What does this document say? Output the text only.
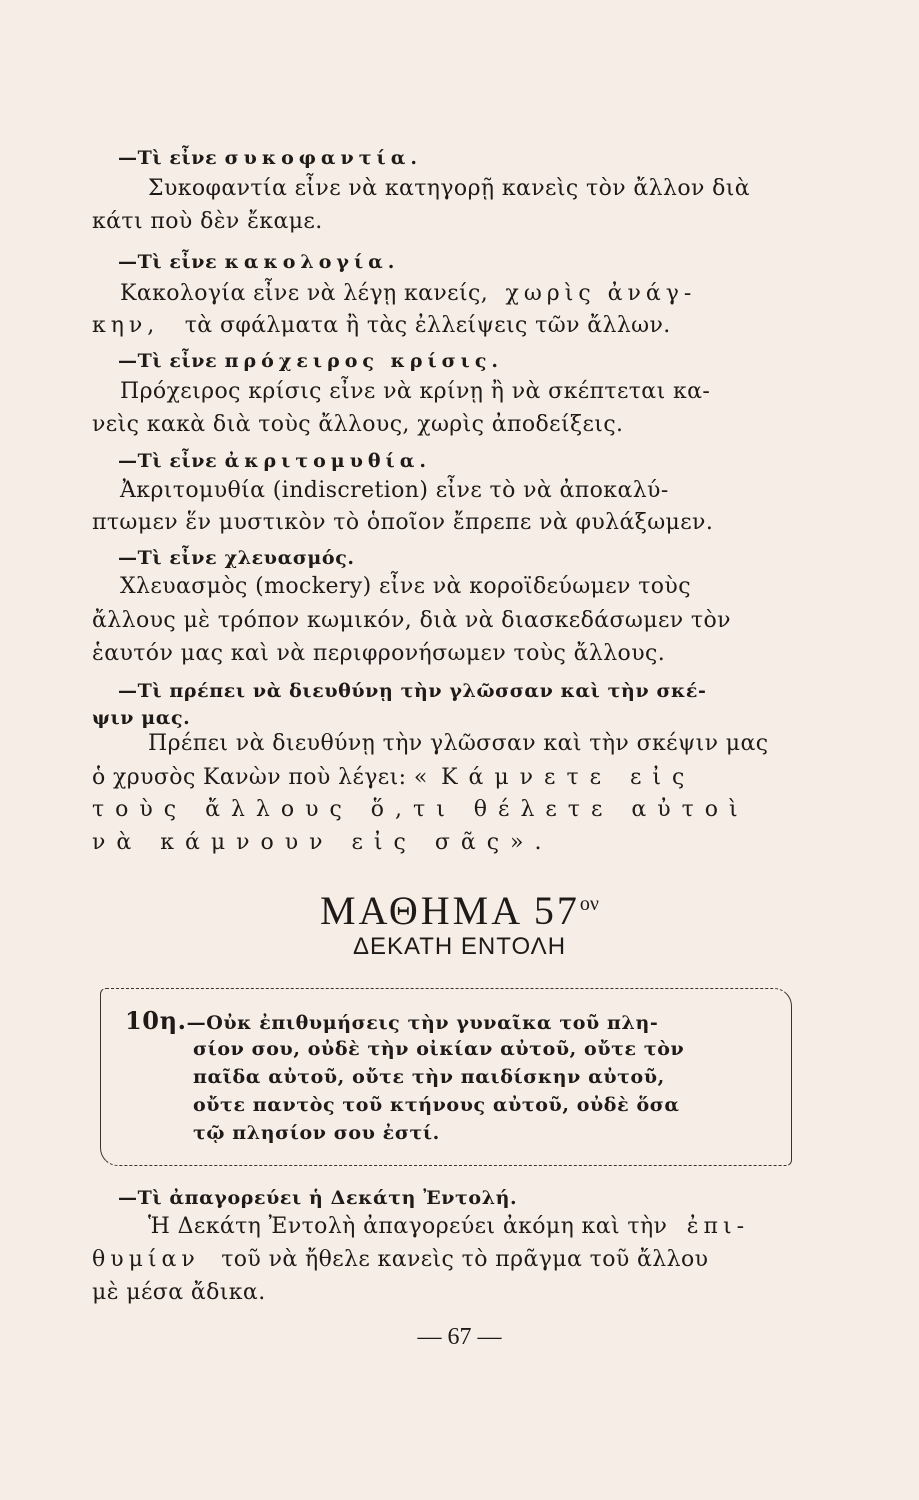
—Τὶ εἶνε συκοφαντία.
Συκοφαντία εἶνε νὰ κατηγορῇ κανεὶς τὸν ἄλλον διὰ
κάτι ποὺ δὲν ἔκαμε.
—Τὶ εἶνε κακολογία.
Κακολογία εἶνε νὰ λέγῃ κανείς, χωρὶς ἀνάγ-
κην, τὰ σφάλματα ἢ τὰς ἐλλείψεις τῶν ἄλλων.
—Τὶ εἶνε πρόχειρος κρίσις.
Πρόχειρος κρίσις εἶνε νὰ κρίνῃ ἢ νὰ σκέπτεται κα-
νεὶς κακὰ διὰ τοὺς ἄλλους, χωρὶς ἀποδείξεις.
—Τὶ εἶνε ἀκριτομυθία.
Ἀκριτομυθία (indiscretion) εἶνε τὸ νὰ ἀποκαλύ-
πτωμεν ἕν μυστικὸν τὸ ὁποῖον ἔπρεπε νὰ φυλάξωμεν.
—Τὶ εἶνε χλευασμός.
Χλευασμὸς (mockery) εἶνε νὰ κοροϊδεύωμεν τοὺς
ἄλλους μὲ τρόπον κωμικόν, διὰ νὰ διασκεδάσωμεν τὸν
ἑαυτόν μας καὶ νὰ περιφρονήσωμεν τοὺς ἄλλους.
—Τὶ πρέπει νὰ διευθύνῃ τὴν γλῶσσαν καὶ τὴν σκέ-
ψιν μας.
Πρέπει νὰ διευθύνῃ τὴν γλῶσσαν καὶ τὴν σκέψιν μας
ὁ χρυσὸς Κανὼν ποὺ λέγει: « Κάμνετε εἰς
τοὺς ἄλλους ὅ,τι θέλετε αὐτοὶ
νὰ κάμνουν εἰς σᾶς».
ΜΑΘΗΜΑ $57^{o\nu}$
ΔΕΚΑΤΗ ΕΝΤΟΛΗ
10η.—Οὐκ ἐπιθυμήσεις τὴν γυναῖκα τοῦ πλη-
σίον σου, οὐδὲ τὴν οἰκίαν αὐτοῦ, οὔτε τὸν
παῖδα αὐτοῦ, οὔτε τὴν παιδίσκην αὐτοῦ,
οὔτε παντὸς τοῦ κτήνους αὐτοῦ, οὐδὲ ὅσα
τῷ πλησίον σου ἐστί.
—Τὶ ἀπαγορεύει ἡ Δεκάτη Ἐντολή.
Ἡ Δεκάτη Ἐντολὴ ἀπαγορεύει ἀκόμη καὶ τὴν ἐπι-
θυμίαν τοῦ νὰ ἤθελε κανεὶς τὸ πρᾶγμα τοῦ ἄλλου
μὲ μέσα ἄδικα.
— 67 —
